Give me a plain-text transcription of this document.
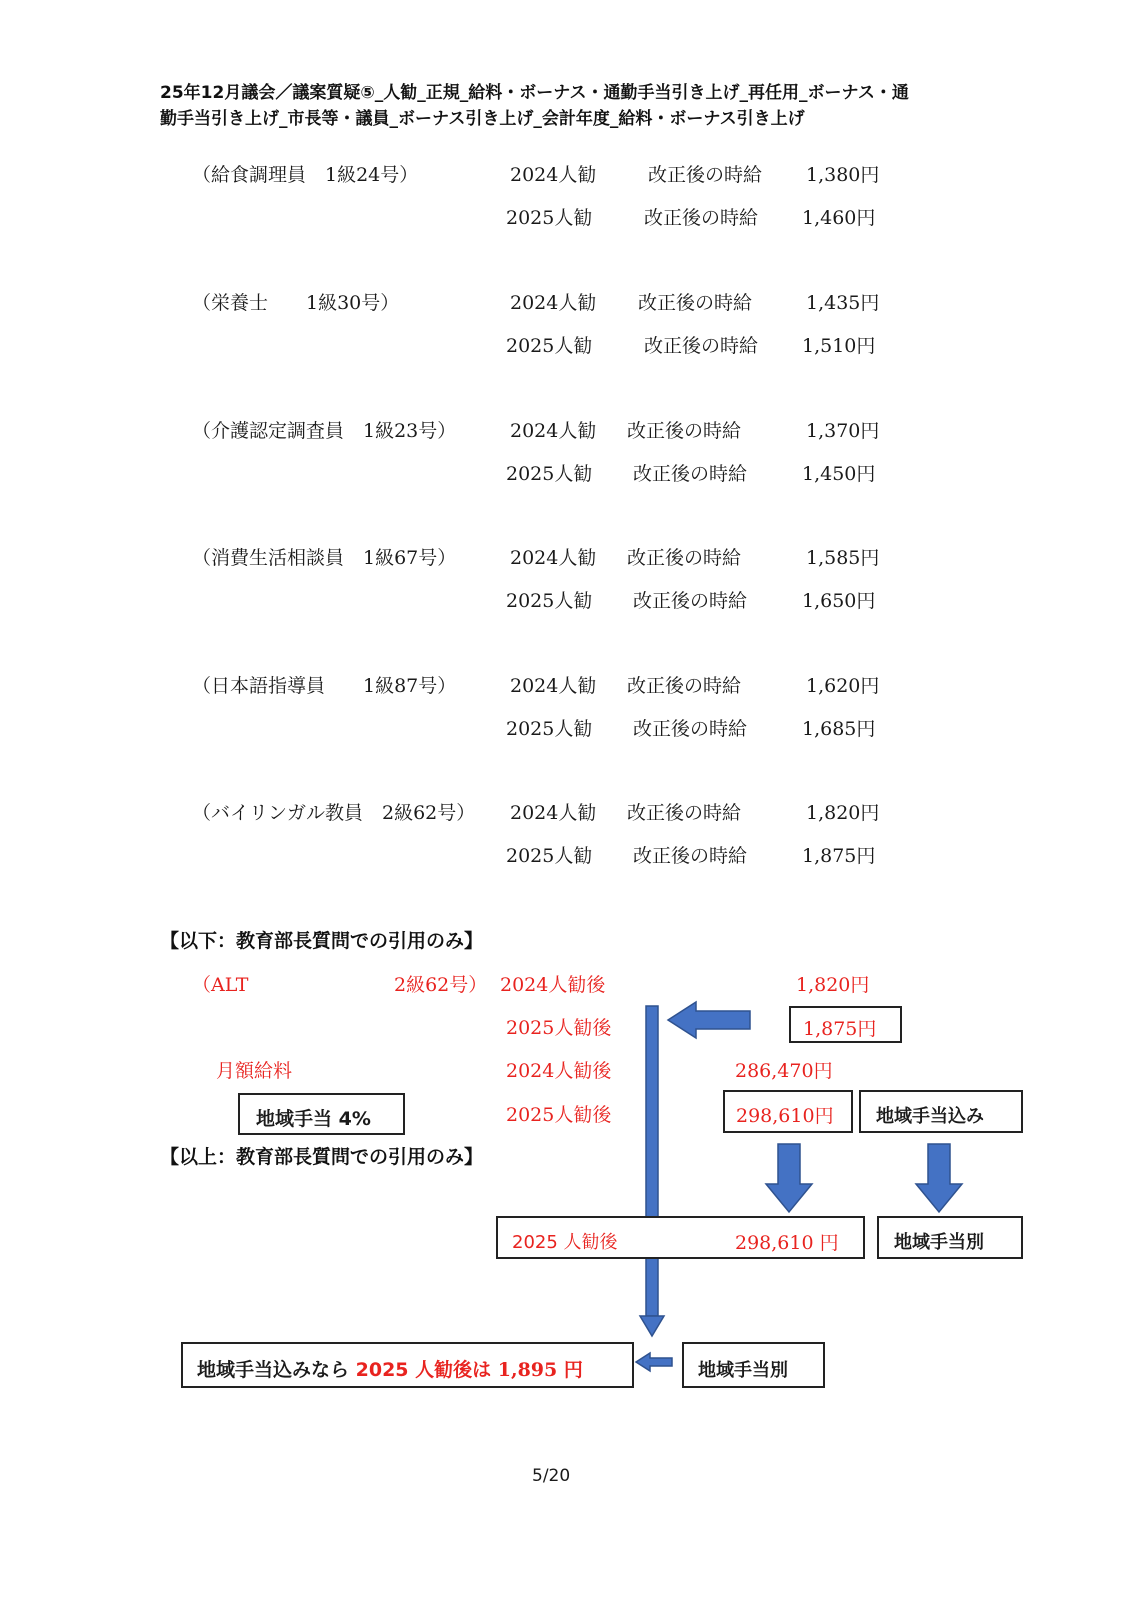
25年12月議会／議案質疑⑤_人勧_正規_給料・ボーナス・通勤手当引き上げ_再任用_ボーナス・通
勤手当引き上げ_市長等・議員_ボーナス引き上げ_会計年度_給料・ボーナス引き上げ
（給食調理員　1級24号）	2024人勧	改正後の時給 1,380円
2025人勧	改正後の時給 1,460円
（栄養士　　1級30号）	2024人勧 改正後の時給	1,435円
2025人勧	改正後の時給 1,510円
（介護認定調査員　1級23号）	2024人勧 改正後の時給	1,370円
2025人勧 改正後の時給	1,450円
（消費生活相談員　1級67号）	2024人勧 改正後の時給	1,585円
2025人勧 改正後の時給	1,650円
（日本語指導員　　1級87号）	2024人勧 改正後の時給	1,620円
2025人勧 改正後の時給	1,685円
（バイリンガル教員　2級62号） 2024人勧 改正後の時給	1,820円
2025人勧 改正後の時給	1,875円
【以下：教育部長質問での引用のみ】
（ALT	2級62号） 2024人勧後	1,820円
2025人勧後	1,875円
月額給料	2024人勧後	286,470円
地域手当 4%	2025人勧後	298,610円 地域手当込み
【以上：教育部長質問での引用のみ】
2025 人勧後	298,610 円	地域手当別
地域手当込みなら 2025 人勧後は 1,895 円	地域手当別
5/20
